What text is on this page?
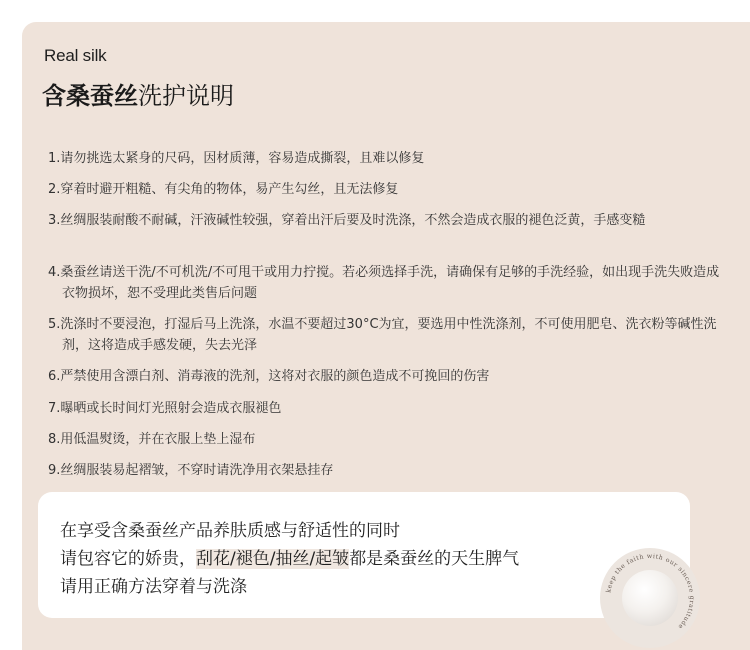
Real silk
含桑蚕丝洗护说明
1.请勿挑选太紧身的尺码，因材质薄，容易造成撕裂，且难以修复
2.穿着时避开粗糙、有尖角的物体，易产生勾丝，且无法修复
3.丝绸服装耐酸不耐碱，汗液碱性较强，穿着出汗后要及时洗涤，不然会造成衣服的褪色泛黄，手感变糙
4.桑蚕丝请送干洗/不可机洗/不可甩干或用力拧搅。若必须选择手洗，请确保有足够的手洗经验，如出现手洗失败造成衣物损坏，恕不受理此类售后问题
5.洗涤时不要浸泡，打湿后马上洗涤，水温不要超过30°C为宜，要选用中性洗涤剂，不可使用肥皂、洗衣粉等碱性洗剂，这将造成手感发硬，失去光泽
6.严禁使用含漂白剂、消毒液的洗剂，这将对衣服的颜色造成不可挽回的伤害
7.曝晒或长时间灯光照射会造成衣服褪色
8.用低温熨烫，并在衣服上垫上湿布
9.丝绸服装易起褶皱，不穿时请洗净用衣架悬挂存
在享受含桑蚕丝产品养肤质感与舒适性的同时
请包容它的娇贵，刮花/褪色/抽丝/起皱都是桑蚕丝的天生脾气
请用正确方法穿着与洗涤	keep the faith with our sincere gratitude
